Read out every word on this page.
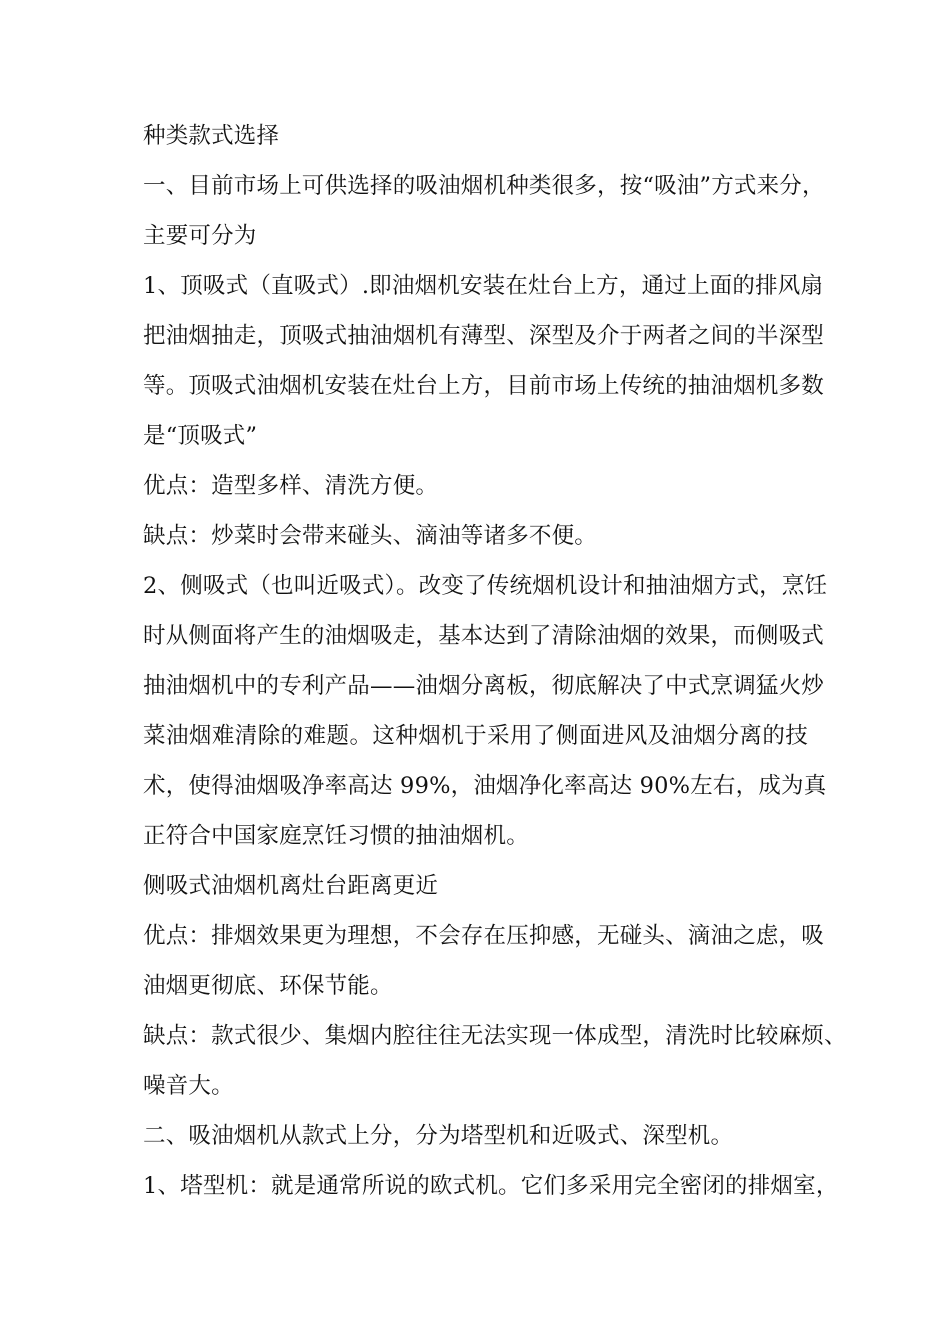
种类款式选择
一、目前市场上可供选择的吸油烟机种类很多，按“吸油”方式来分，
主要可分为
1、顶吸式（直吸式）.即油烟机安装在灶台上方，通过上面的排风扇
把油烟抽走，顶吸式抽油烟机有薄型、深型及介于两者之间的半深型
等。顶吸式油烟机安装在灶台上方，目前市场上传统的抽油烟机多数
是“顶吸式”
优点：造型多样、清洗方便。
缺点：炒菜时会带来碰头、滴油等诸多不便。
2、侧吸式（也叫近吸式）。改变了传统烟机设计和抽油烟方式，烹饪
时从侧面将产生的油烟吸走，基本达到了清除油烟的效果，而侧吸式
抽油烟机中的专利产品——油烟分离板，彻底解决了中式烹调猛火炒
菜油烟难清除的难题。这种烟机于采用了侧面进风及油烟分离的技
术，使得油烟吸净率高达 99%，油烟净化率高达 90%左右，成为真
正符合中国家庭烹饪习惯的抽油烟机。
侧吸式油烟机离灶台距离更近
优点：排烟效果更为理想，不会存在压抑感，无碰头、滴油之虑，吸
油烟更彻底、环保节能。
缺点：款式很少、集烟内腔往往无法实现一体成型，清洗时比较麻烦、
噪音大。
二、吸油烟机从款式上分，分为塔型机和近吸式、深型机。
1、塔型机：就是通常所说的欧式机。它们多采用完全密闭的排烟室，
